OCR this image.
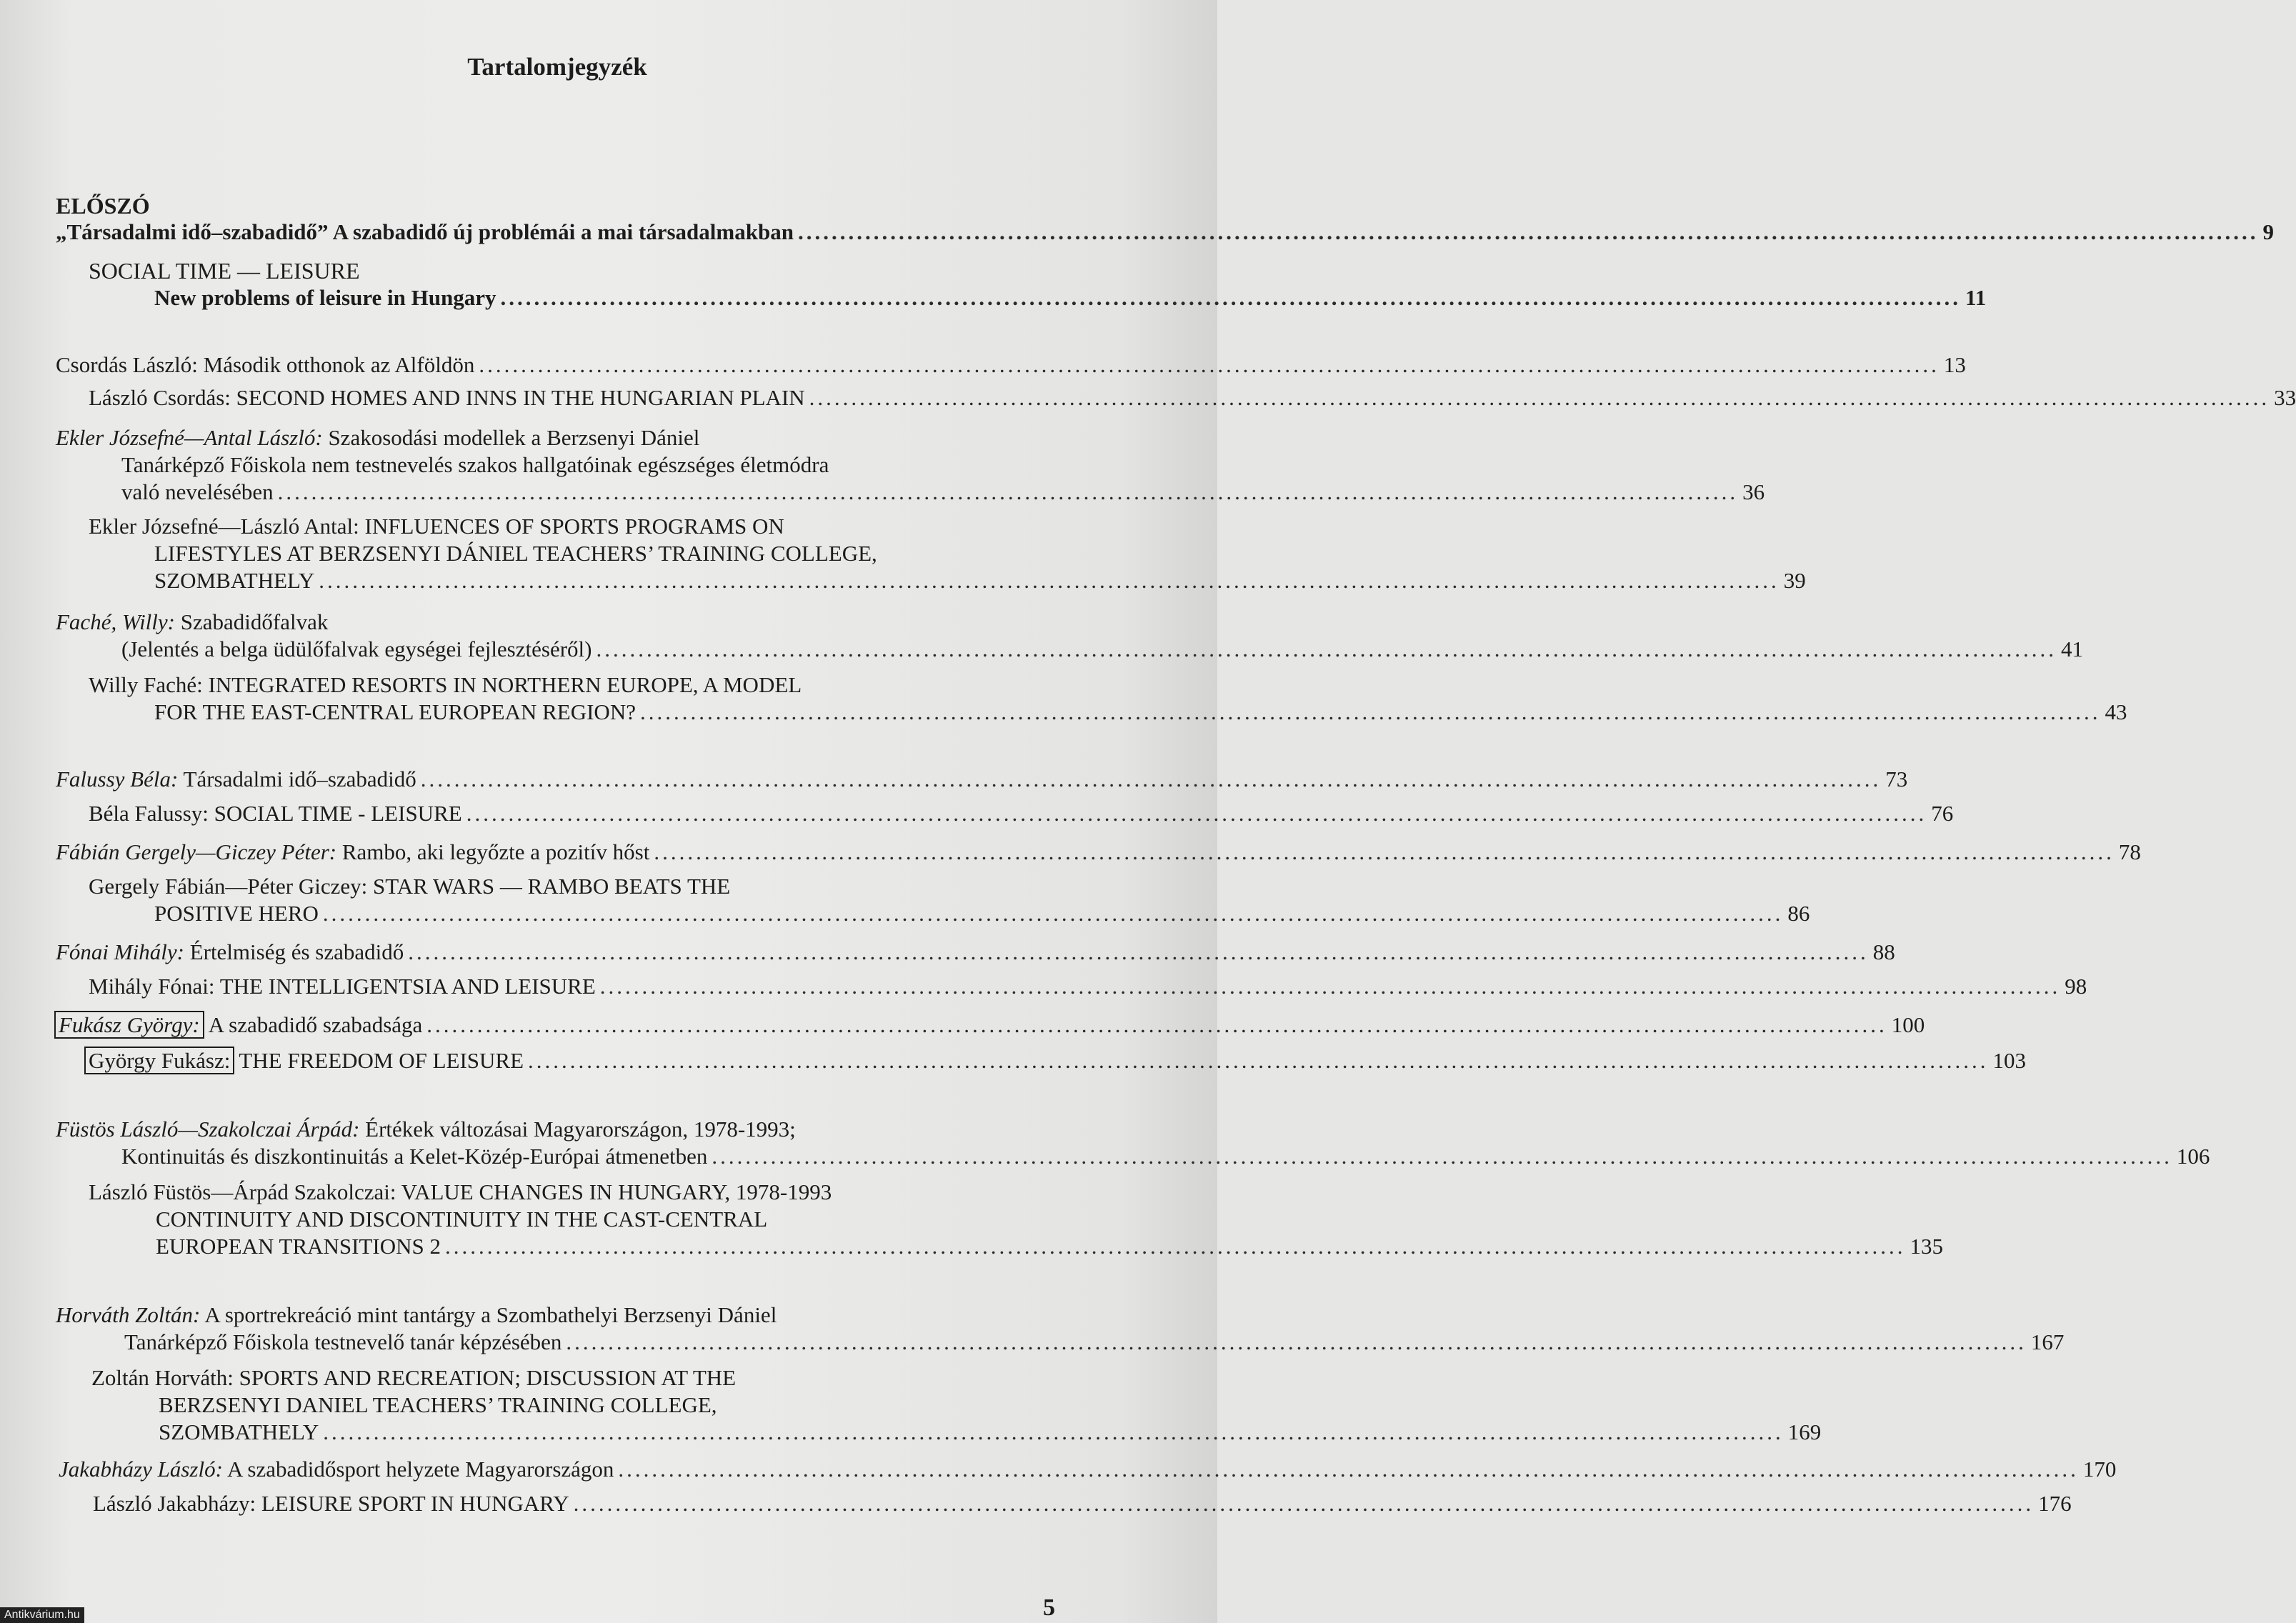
Tartalomjegyzék
ELŐSZÓ
„Társadalmi idő–szabadidő” A szabadidő új problémái a mai társadalmakban .............................................................................................................................................................................. 9
SOCIAL TIME — LEISURE
New problems of leisure in Hungary .............................................................................................................................................................................. 11
Csordás László: Második otthonok az Alföldön .............................................................................................................................................................................. 13
László Csordás: SECOND HOMES AND INNS IN THE HUNGARIAN PLAIN .............................................................................................................................................................................. 33
Ekler Józsefné—Antal László: Szakosodási modellek a Berzsenyi Dániel
Tanárképző Főiskola nem testnevelés szakos hallgatóinak egészséges életmódra
való nevelésében .............................................................................................................................................................................. 36
Ekler Józsefné—László Antal: INFLUENCES OF SPORTS PROGRAMS ON
LIFESTYLES AT BERZSENYI DÁNIEL TEACHERS’ TRAINING COLLEGE,
SZOMBATHELY .............................................................................................................................................................................. 39
Faché, Willy: Szabadidőfalvak
(Jelentés a belga üdülőfalvak egységei fejlesztéséről) .............................................................................................................................................................................. 41
Willy Faché: INTEGRATED RESORTS IN NORTHERN EUROPE, A MODEL
FOR THE EAST-CENTRAL EUROPEAN REGION? .............................................................................................................................................................................. 43
Falussy Béla: Társadalmi idő–szabadidő .............................................................................................................................................................................. 73
Béla Falussy: SOCIAL TIME - LEISURE .............................................................................................................................................................................. 76
Fábián Gergely—Giczey Péter: Rambo, aki legyőzte a pozitív hőst .............................................................................................................................................................................. 78
Gergely Fábián—Péter Giczey: STAR WARS — RAMBO BEATS THE
POSITIVE HERO .............................................................................................................................................................................. 86
Fónai Mihály: Értelmiség és szabadidő .............................................................................................................................................................................. 88
Mihály Fónai: THE INTELLIGENTSIA AND LEISURE .............................................................................................................................................................................. 98
Fukász György: A szabadidő szabadsága .............................................................................................................................................................................. 100
György Fukász: THE FREEDOM OF LEISURE .............................................................................................................................................................................. 103
Füstös László—Szakolczai Árpád: Értékek változásai Magyarországon, 1978-1993;
Kontinuitás és diszkontinuitás a Kelet-Közép-Európai átmenetben .............................................................................................................................................................................. 106
László Füstös—Árpád Szakolczai: VALUE CHANGES IN HUNGARY, 1978-1993
CONTINUITY AND DISCONTINUITY IN THE CAST-CENTRAL
EUROPEAN TRANSITIONS 2 .............................................................................................................................................................................. 135
Horváth Zoltán: A sportrekreáció mint tantárgy a Szombathelyi Berzsenyi Dániel
Tanárképző Főiskola testnevelő tanár képzésében .............................................................................................................................................................................. 167
Zoltán Horváth: SPORTS AND RECREATION; DISCUSSION AT THE
BERZSENYI DANIEL TEACHERS’ TRAINING COLLEGE,
SZOMBATHELY .............................................................................................................................................................................. 169
Jakabházy László: A szabadidősport helyzete Magyarországon .............................................................................................................................................................................. 170
László Jakabházy: LEISURE SPORT IN HUNGARY .............................................................................................................................................................................. 176
5
Antikvárium.hu
